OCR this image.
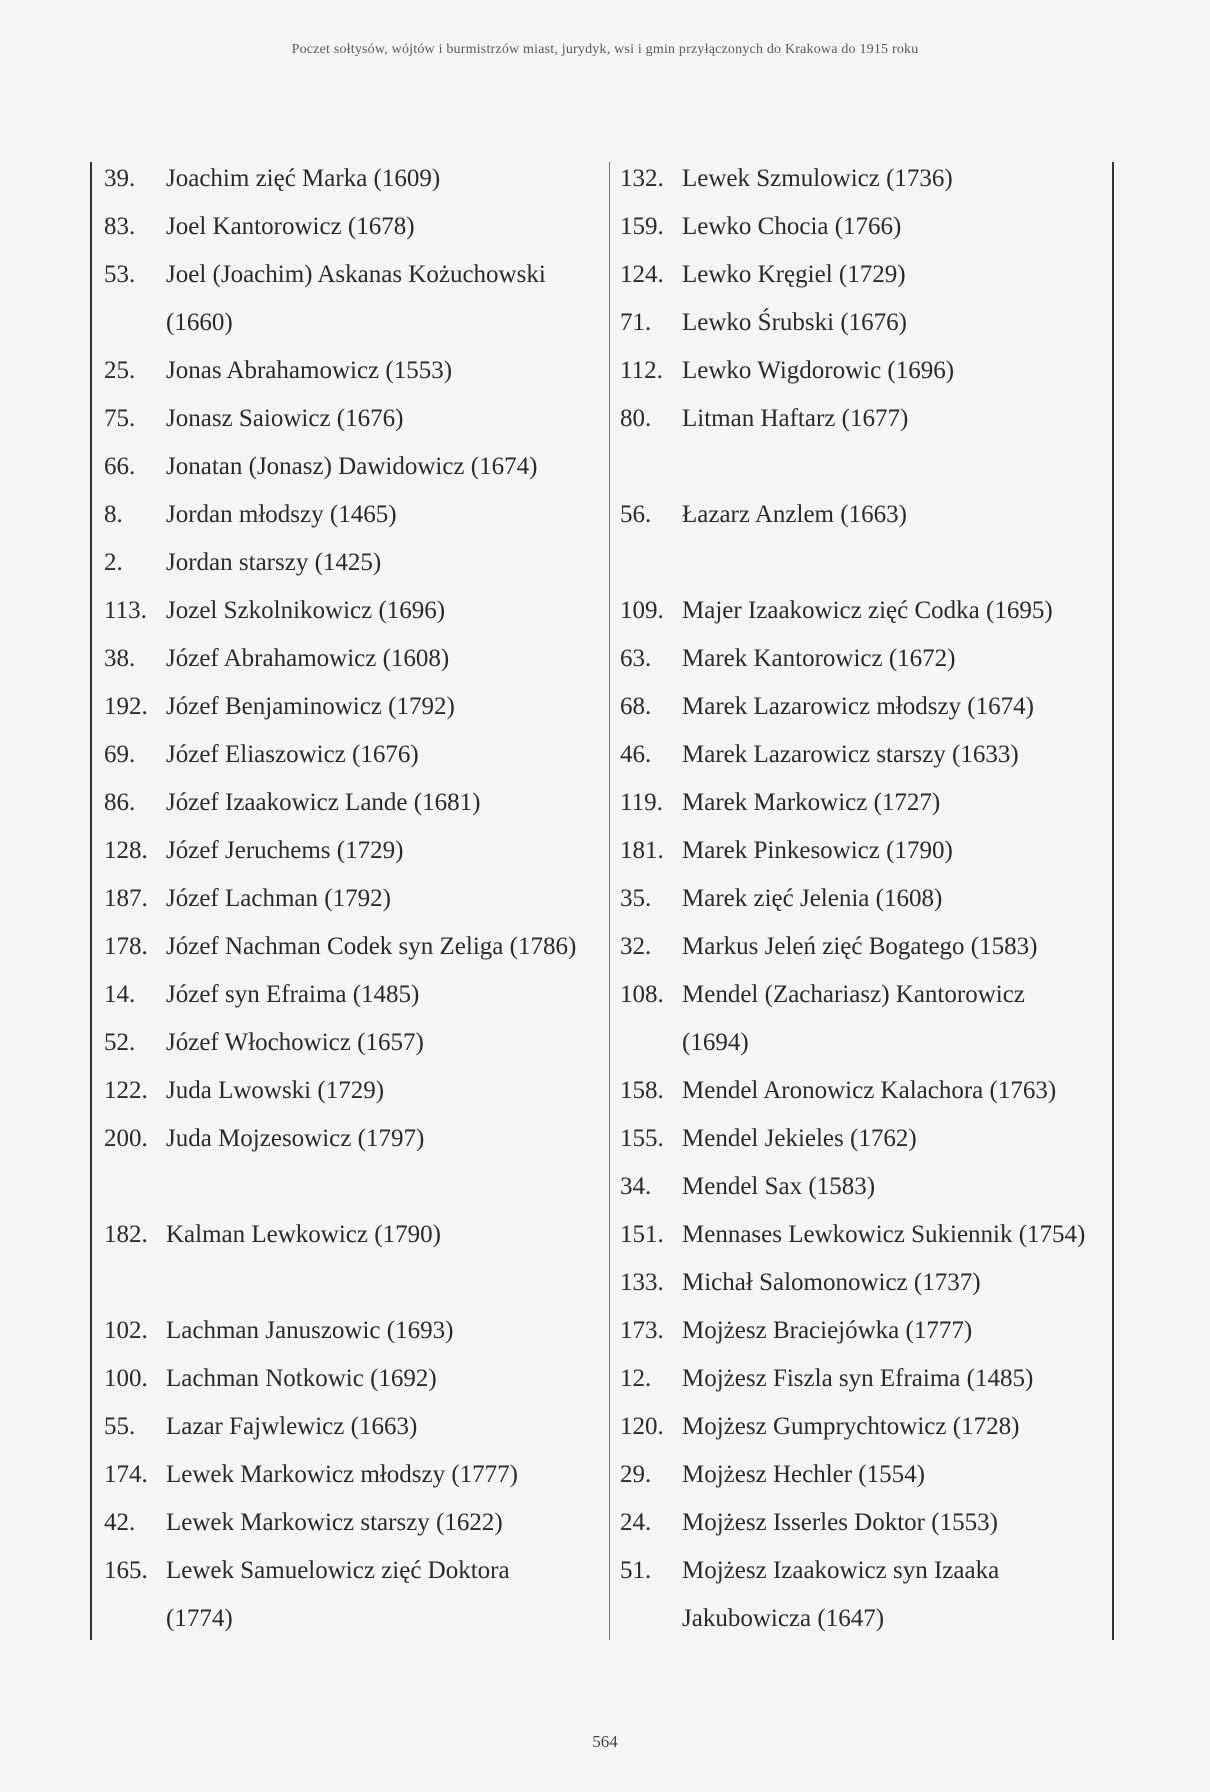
Poczet sołtysów, wójtów i burmistrzów miast, jurydyk, wsi i gmin przyłączonych do Krakowa do 1915 roku
39.	Joachim zięć Marka (1609)
83.	Joel Kantorowicz (1678)
53.	Joel (Joachim) Askanas Kożuchowski
(1660)
25.	Jonas Abrahamowicz (1553)
75.	Jonasz Saiowicz (1676)
66.	Jonatan (Jonasz) Dawidowicz (1674)
8.	Jordan młodszy (1465)
2.	Jordan starszy (1425)
113. Jozel Szkolnikowicz (1696)
38.	Józef Abrahamowicz (1608)
192. Józef Benjaminowicz (1792)
69.	Józef Eliaszowicz (1676)
86.	Józef Izaakowicz Lande (1681)
128. Józef Jeruchems (1729)
187. Józef Lachman (1792)
178. Józef Nachman Codek syn Zeliga (1786)
14.	Józef syn Efraima (1485)
52.	Józef Włochowicz (1657)
122. Juda Lwowski (1729)
200. Juda Mojzesowicz (1797)
182. Kalman Lewkowicz (1790)
102. Lachman Januszowic (1693)
100. Lachman Notkowic (1692)
55.	Lazar Fajwlewicz (1663)
174. Lewek Markowicz młodszy (1777)
42.	Lewek Markowicz starszy (1622)
165. Lewek Samuelowicz zięć Doktora
(1774)
132. Lewek Szmulowicz (1736)
159. Lewko Chocia (1766)
124. Lewko Kręgiel (1729)
71.	Lewko Śrubski (1676)
112. Lewko Wigdorowic (1696)
80.	Litman Haftarz (1677)
56.	Łazarz Anzlem (1663)
109. Majer Izaakowicz zięć Codka (1695)
63.	Marek Kantorowicz (1672)
68.	Marek Lazarowicz młodszy (1674)
46.	Marek Lazarowicz starszy (1633)
119. Marek Markowicz (1727)
181. Marek Pinkesowicz (1790)
35.	Marek zięć Jelenia (1608)
32.	Markus Jeleń zięć Bogatego (1583)
108. Mendel (Zachariasz) Kantorowicz
(1694)
158. Mendel Aronowicz Kalachora (1763)
155. Mendel Jekieles (1762)
34.	Mendel Sax (1583)
151. Mennases Lewkowicz Sukiennik (1754)
133. Michał Salomonowicz (1737)
173. Mojżesz Braciejówka (1777)
12.	Mojżesz Fiszla syn Efraima (1485)
120. Mojżesz Gumprychtowicz (1728)
29.	Mojżesz Hechler (1554)
24.	Mojżesz Isserles Doktor (1553)
51.	Mojżesz Izaakowicz syn Izaaka
Jakubowicza (1647)
564
